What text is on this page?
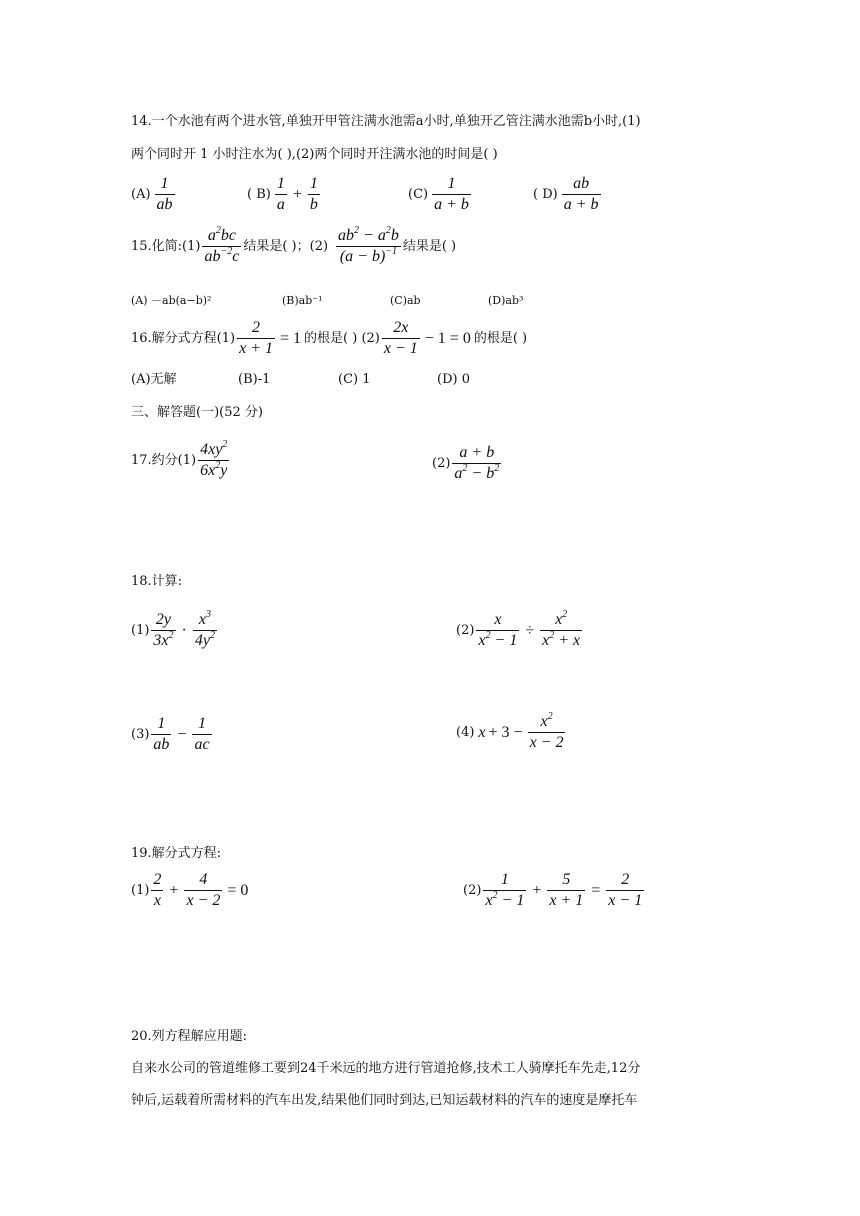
14.一个水池有两个进水管,单独开甲管注满水池需a小时,单独开乙管注满水池需b小时,(1)
两个同时开 1 小时注水为( ),(2)两个同时开注满水池的时间是( )
$(A) \frac{1}{ab}$	( $B) \frac{1}{a} + \frac{1}{b}$	$(C) \frac{1}{a + b}$	( $D) \frac{ab}{a + b}$
15.化简:(1) $\frac{a^2bc}{ab^{-2}c}$ 结果是( )；$(2) \frac{ab^2 - a^2b}{(a - b)^{-1}}$ 结果是( )
(A) －ab(a−b)²	(B)ab⁻¹	(C)ab	(D)ab³
16.解分式方程$(1) \frac{2}{x + 1} = 1$ 的根是( ) $(2) \frac{2x}{x - 1} - 1 = 0$ 的根是( )
(A)无解	(B)-1	(C) 1	(D) 0
三、解答题(一)(52 分)
17.约分$(1) \frac{4xy^2}{6x^2y}$	$(2) \frac{a + b}{a^2 - b^2}$
18.计算:
$(1) \frac{2y}{3x^2} \cdot \frac{x^3}{4y^2}$	$(2) \frac{x}{x^2 - 1} \div \frac{x^2}{x^2 + x}$
$(3) \frac{1}{ab} - \frac{1}{ac}$	(4) $x + 3 - \frac{x^2}{x - 2}$
19.解分式方程:
$(1) \frac{2}{x} + \frac{4}{x - 2} = 0$	$(2) \frac{1}{x^2 - 1} + \frac{5}{x + 1} = \frac{2}{x - 1}$
20.列方程解应用题:
自来水公司的管道维修工要到24千米远的地方进行管道抢修,技术工人骑摩托车先走,12分
钟后,运载着所需材料的汽车出发,结果他们同时到达,已知运载材料的汽车的速度是摩托车
